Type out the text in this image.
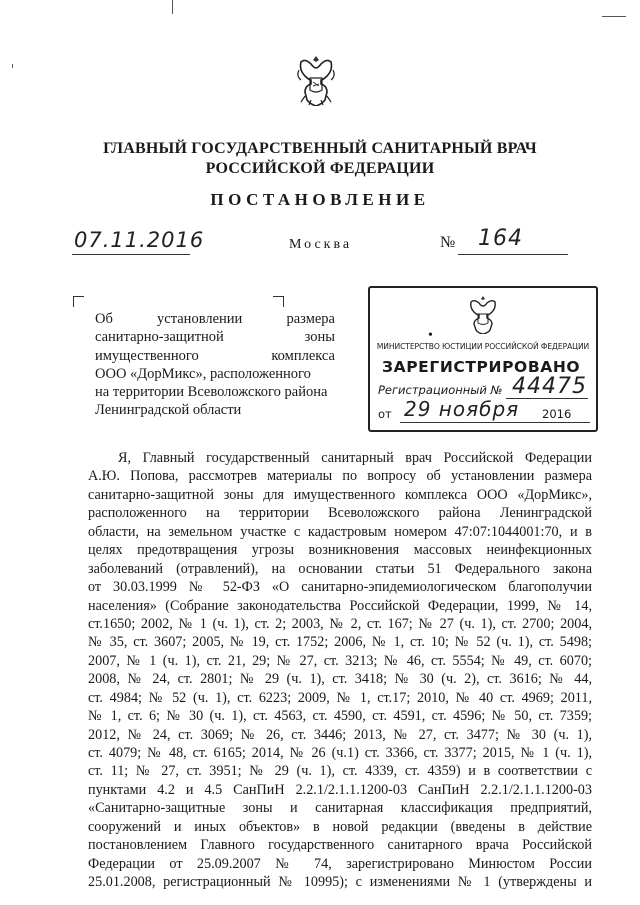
ГЛАВНЫЙ ГОСУДАРСТВЕННЫЙ САНИТАРНЫЙ ВРАЧ
РОССИЙСКОЙ ФЕДЕРАЦИИ
ПОСТАНОВЛЕНИЕ
07.11.2016	Москва	№ 164
Об установлении размера
санитарно-защитной зоны
имущественного комплекса
ООО «ДорМикс», расположенного
на территории Всеволожского района
Ленинградской области
•
МИНИСТЕРСТВО ЮСТИЦИИ РОССИЙСКОЙ ФЕДЕРАЦИИ
ЗАРЕГИСТРИРОВАНО
Регистрационный № 44475
от 29 ноября 2016
Я, Главный государственный санитарный врач Российской Федерации
А.Ю. Попова, рассмотрев материалы по вопросу об установлении размера
санитарно-защитной зоны для имущественного комплекса ООО «ДорМикс»,
расположенного на территории Всеволожского района Ленинградской
области, на земельном участке с кадастровым номером 47:07:1044001:70, и в
целях предотвращения угрозы возникновения массовых неинфекционных
заболеваний (отравлений), на основании статьи 51 Федерального закона
от 30.03.1999 № 52-ФЗ «О санитарно-эпидемиологическом благополучии
населения» (Собрание законодательства Российской Федерации, 1999, № 14,
ст.1650; 2002, № 1 (ч. 1), ст. 2; 2003, № 2, ст. 167; № 27 (ч. 1), ст. 2700; 2004,
№ 35, ст. 3607; 2005, № 19, ст. 1752; 2006, № 1, ст. 10; № 52 (ч. 1), ст. 5498;
2007, № 1 (ч. 1), ст. 21, 29; № 27, ст. 3213; № 46, ст. 5554; № 49, ст. 6070;
2008, № 24, ст. 2801; № 29 (ч. 1), ст. 3418; № 30 (ч. 2), ст. 3616; № 44,
ст. 4984; № 52 (ч. 1), ст. 6223; 2009, № 1, ст.17; 2010, № 40 ст. 4969; 2011,
№ 1, ст. 6; № 30 (ч. 1), ст. 4563, ст. 4590, ст. 4591, ст. 4596; № 50, ст. 7359;
2012, № 24, ст. 3069; № 26, ст. 3446; 2013, № 27, ст. 3477; № 30 (ч. 1),
ст. 4079; № 48, ст. 6165; 2014, № 26 (ч.1) ст. 3366, ст. 3377; 2015, № 1 (ч. 1),
ст. 11; № 27, ст. 3951; № 29 (ч. 1), ст. 4339, ст. 4359) и в соответствии с
пунктами 4.2 и 4.5 СанПиН 2.2.1/2.1.1.1200-03 СанПиН 2.2.1/2.1.1.1200-03
«Санитарно-защитные зоны и санитарная классификация предприятий,
сооружений и иных объектов» в новой редакции (введены в действие
постановлением Главного государственного санитарного врача Российской
Федерации от 25.09.2007 № 74, зарегистрировано Минюстом России
25.01.2008, регистрационный № 10995); с изменениями № 1 (утверждены и
